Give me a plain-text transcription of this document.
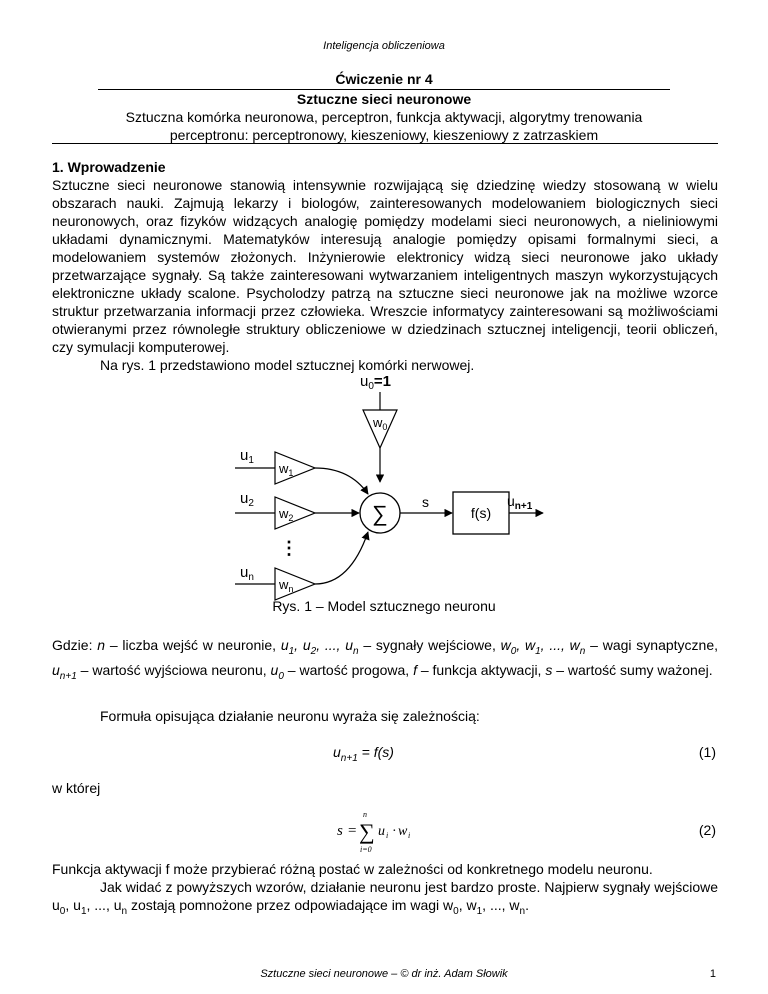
Inteligencja obliczeniowa
Ćwiczenie nr 4
Sztuczne sieci neuronowe
Sztuczna komórka neuronowa, perceptron, funkcja aktywacji, algorytmy trenowania
perceptronu: perceptronowy, kieszeniowy, kieszeniowy z zatrzaskiem
1. Wprowadzenie

Sztuczne sieci neuronowe stanowią intensywnie rozwijającą się dziedzinę wiedzy stosowaną w wielu obszarach nauki. Zajmują lekarzy i biologów, zainteresowanych modelowaniem biologicznych sieci neuronowych, oraz fizyków widzących analogię pomiędzy modelami sieci neuronowych, a nieliniowymi układami dynamicznymi. Matematyków interesują analogie pomiędzy opisami formalnymi sieci, a modelowaniem systemów złożonych. Inżynierowie elektronicy widzą sieci neuronowe jako układy przetwarzające sygnały. Są także zainteresowani wytwarzaniem inteligentnych maszyn wykorzystujących elektroniczne układy scalone. Psycholodzy patrzą na sztuczne sieci neuronowe jak na możliwe wzorce struktur przetwarzania informacji przez człowieka. Wreszcie informatycy zainteresowani są możliwościami otwieranymi przez równoległe struktury obliczeniowe w dziedzinach sztucznej inteligencji, teorii obliczeń, czy symulacji komputerowej.

Na rys. 1 przedstawiono model sztucznej komórki nerwowej.

$u_0=1$
$w_0$
$u_1$
$w_1$
$u_2$
$w_2$
⋮
$u_n$ $w_n$
∑ s
f(s)
$u_{n+1}$
Rys. 1 – Model sztucznego neuronu
Gdzie: n – liczba wejść w neuronie, $u_1$, $u_2$, ..., $u_n$ – sygnały wejściowe, $w_0$, $w_1$, ..., $w_n$ – wagi synaptyczne, $u_{n+1}$ – wartość wyjściowa neuronu, $u_0$ – wartość progowa, f – funkcja aktywacji, s – wartość sumy ważonej.
Formuła opisująca działanie neuronu wyraża się zależnością:
$u_{n+1} = f(s)$	(1)
w której
s =
n
∑
i=0
u i · w i	(2)

Funkcja aktywacji f może przybierać różną postać w zależności od konkretnego modelu neuronu.

Jak widać z powyższych wzorów, działanie neuronu jest bardzo proste. Najpierw sygnały wejściowe $u_0$, $u_1$, ..., $u_n$ zostają pomnożone przez odpowiadające im wagi $w_0$, $w_1$, ..., $w_n$.

Sztuczne sieci neuronowe – © dr inż. Adam Słowik	1
